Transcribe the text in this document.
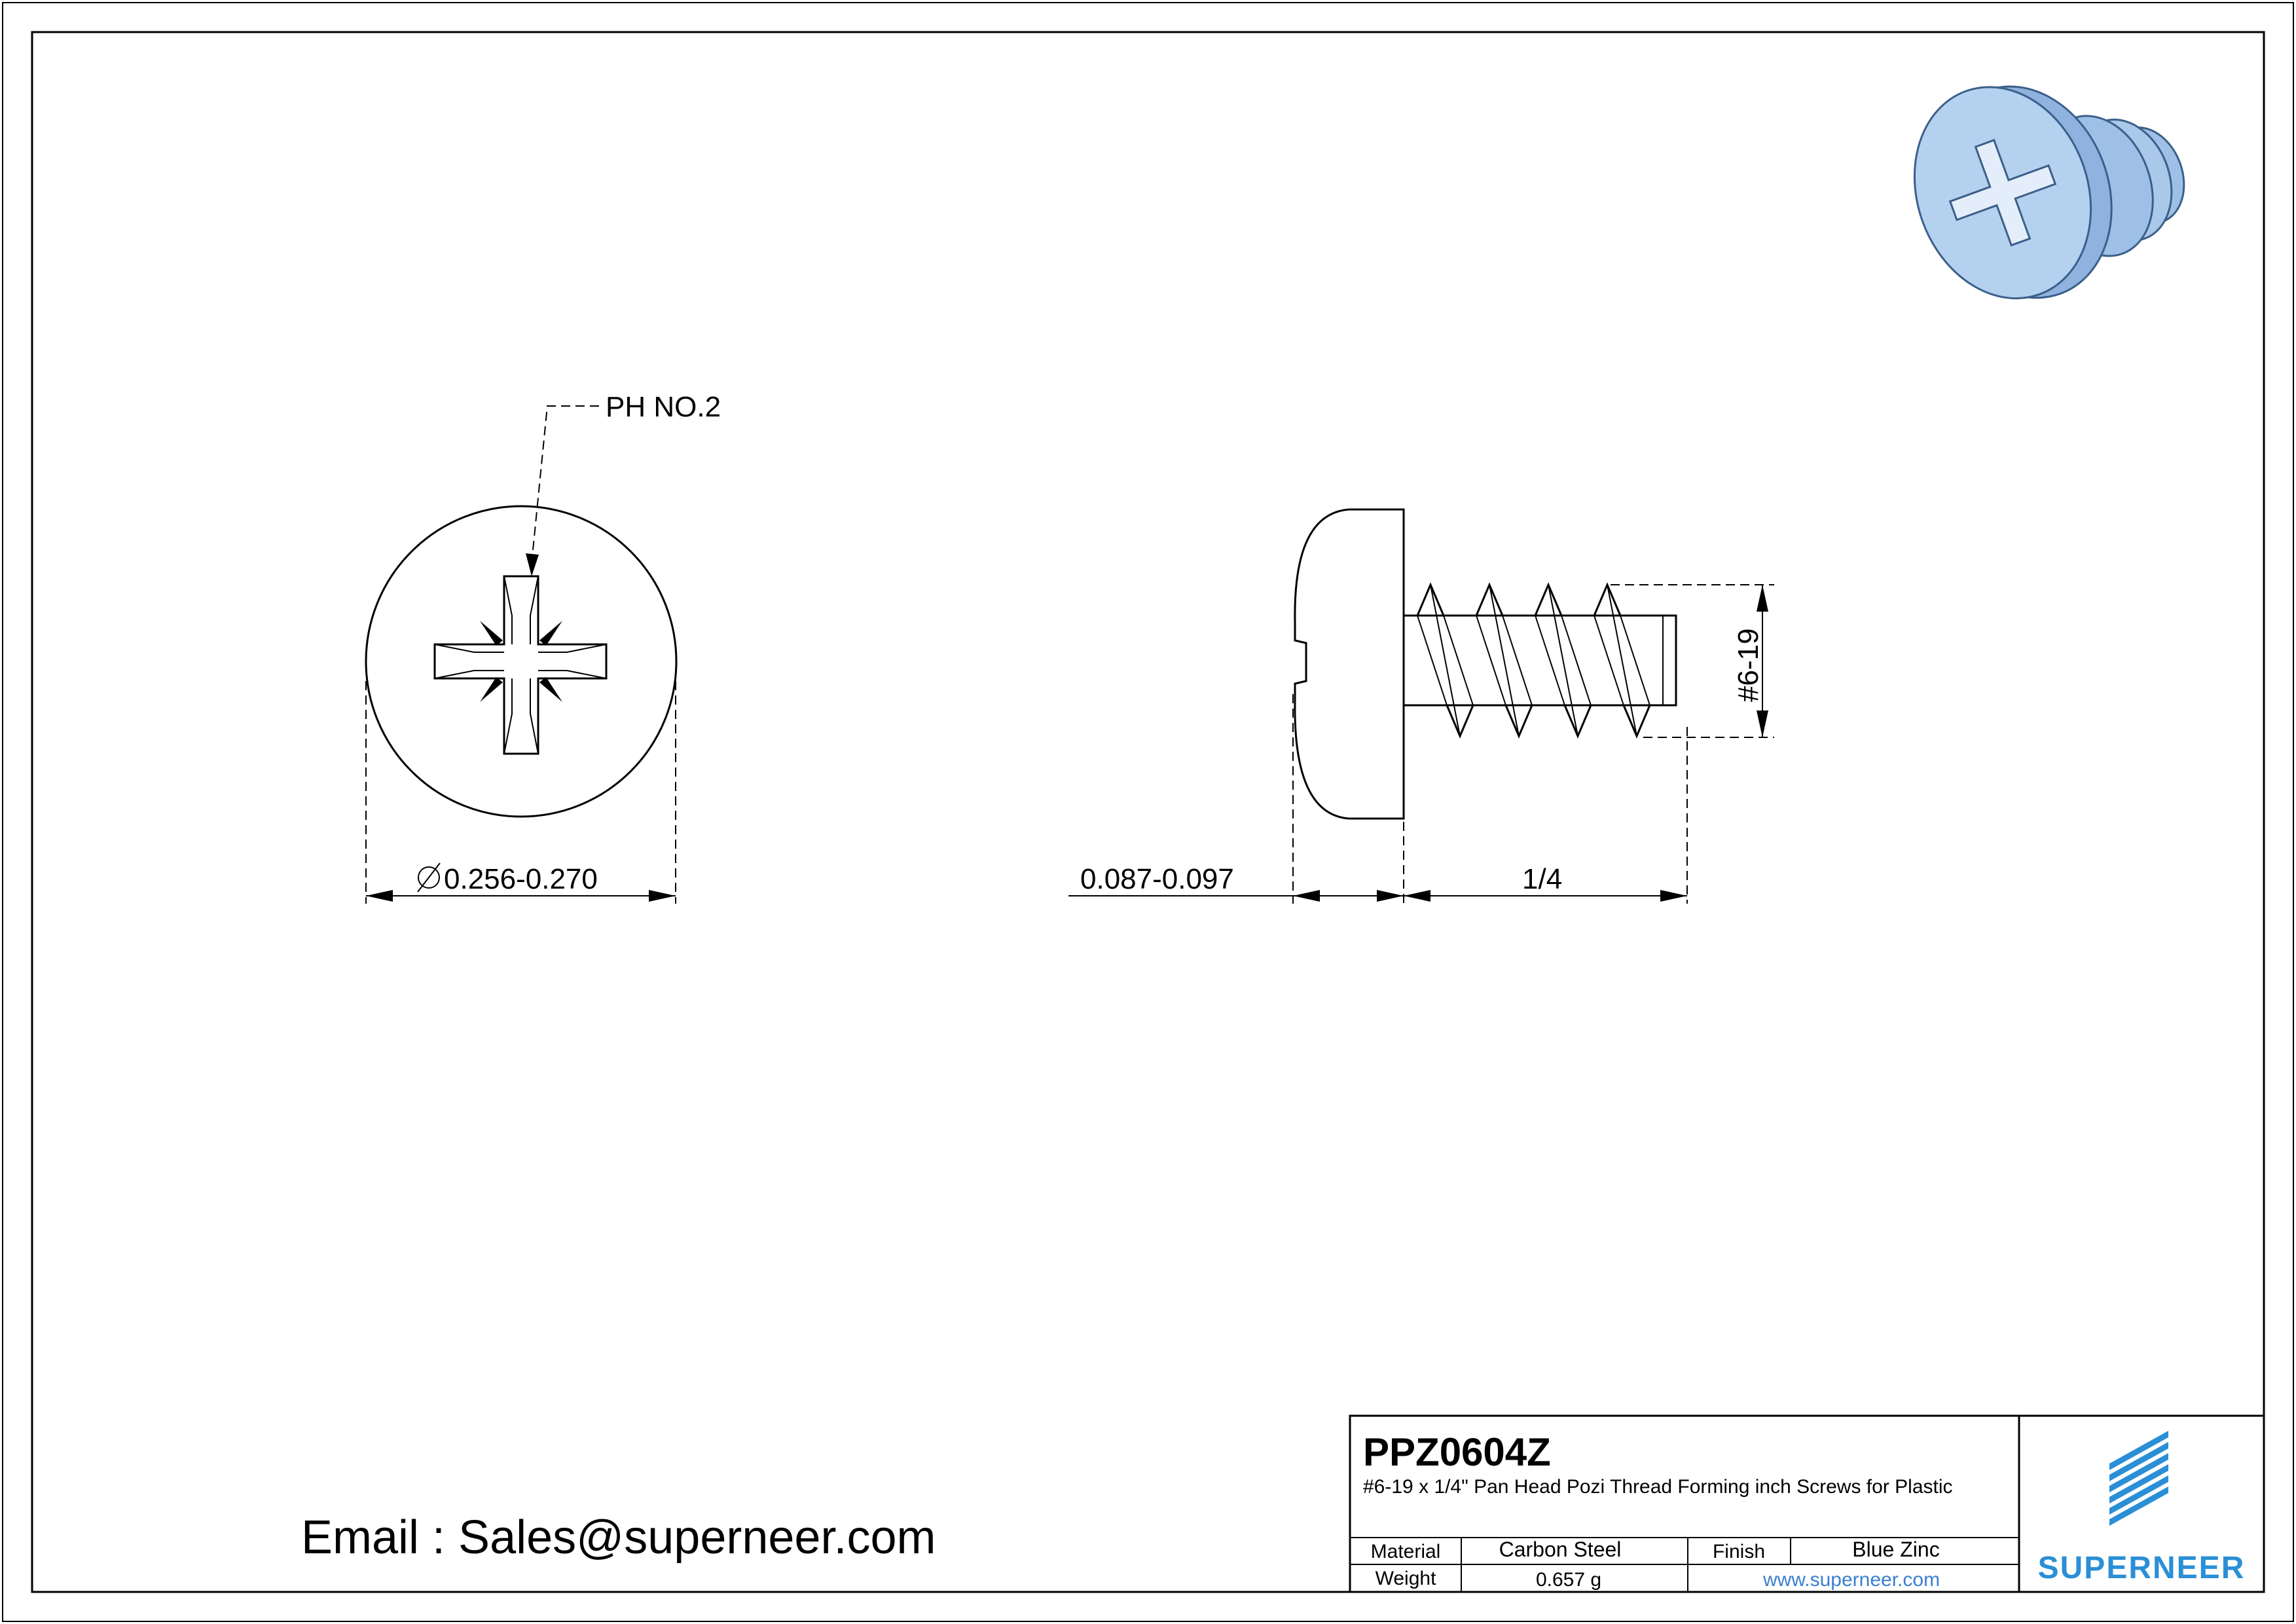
PH NO.2
0.256-0.270
#6-19
0.087-0.097	1/4
Email : Sales@superneer.com
PPZ0604Z
#6-19 x 1/4" Pan Head Pozi Thread Forming inch Screws for Plastic
Material	Carbon Steel	Finish	Blue Zinc
Weight	0.657 g	www.superneer.com	SUPERNEER
